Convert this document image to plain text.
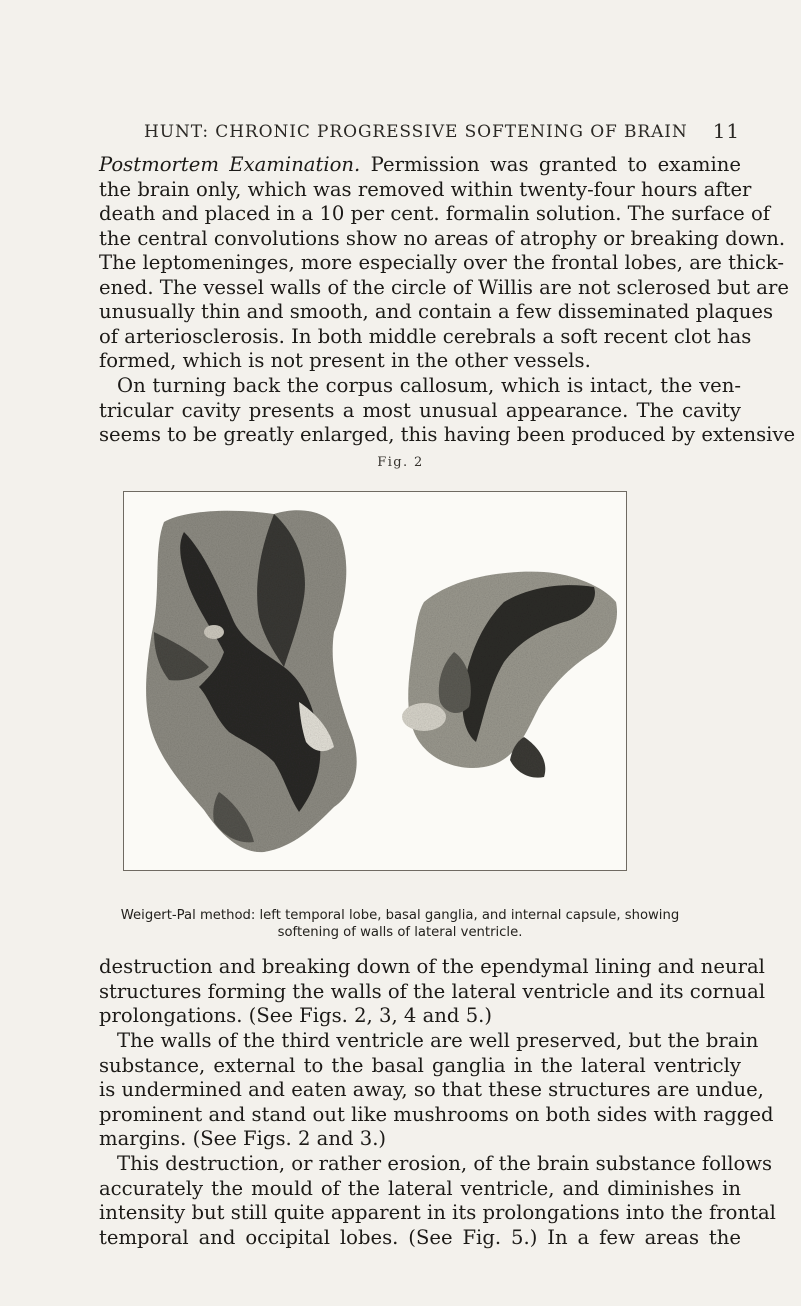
HUNT: CHRONIC PROGRESSIVE SOFTENING OF BRAIN 11

Postmortem Examination. Permission was granted to examine
the brain only, which was removed within twenty-four hours after
death and placed in a 10 per cent. formalin solution. The surface of
the central convolutions show no areas of atrophy or breaking down.
The leptomeninges, more especially over the frontal lobes, are thick-
ened. The vessel walls of the circle of Willis are not sclerosed but are
unusually thin and smooth, and contain a few disseminated plaques
of arteriosclerosis. In both middle cerebrals a soft recent clot has
formed, which is not present in the other vessels.

On turning back the corpus callosum, which is intact, the ven-
tricular cavity presents a most unusual appearance. The cavity
seems to be greatly enlarged, this having been produced by extensive

Fig. 2
Weigert-Pal method: left temporal lobe, basal ganglia, and internal capsule, showing
softening of walls of lateral ventricle.

destruction and breaking down of the ependymal lining and neural
structures forming the walls of the lateral ventricle and its cornual
prolongations. (See Figs. 2, 3, 4 and 5.)

The walls of the third ventricle are well preserved, but the brain
substance, external to the basal ganglia in the lateral ventricly
is undermined and eaten away, so that these structures are undue,
prominent and stand out like mushrooms on both sides with ragged
margins. (See Figs. 2 and 3.)

This destruction, or rather erosion, of the brain substance follows
accurately the mould of the lateral ventricle, and diminishes in
intensity but still quite apparent in its prolongations into the frontal
temporal and occipital lobes. (See Fig. 5.) In a few areas the
